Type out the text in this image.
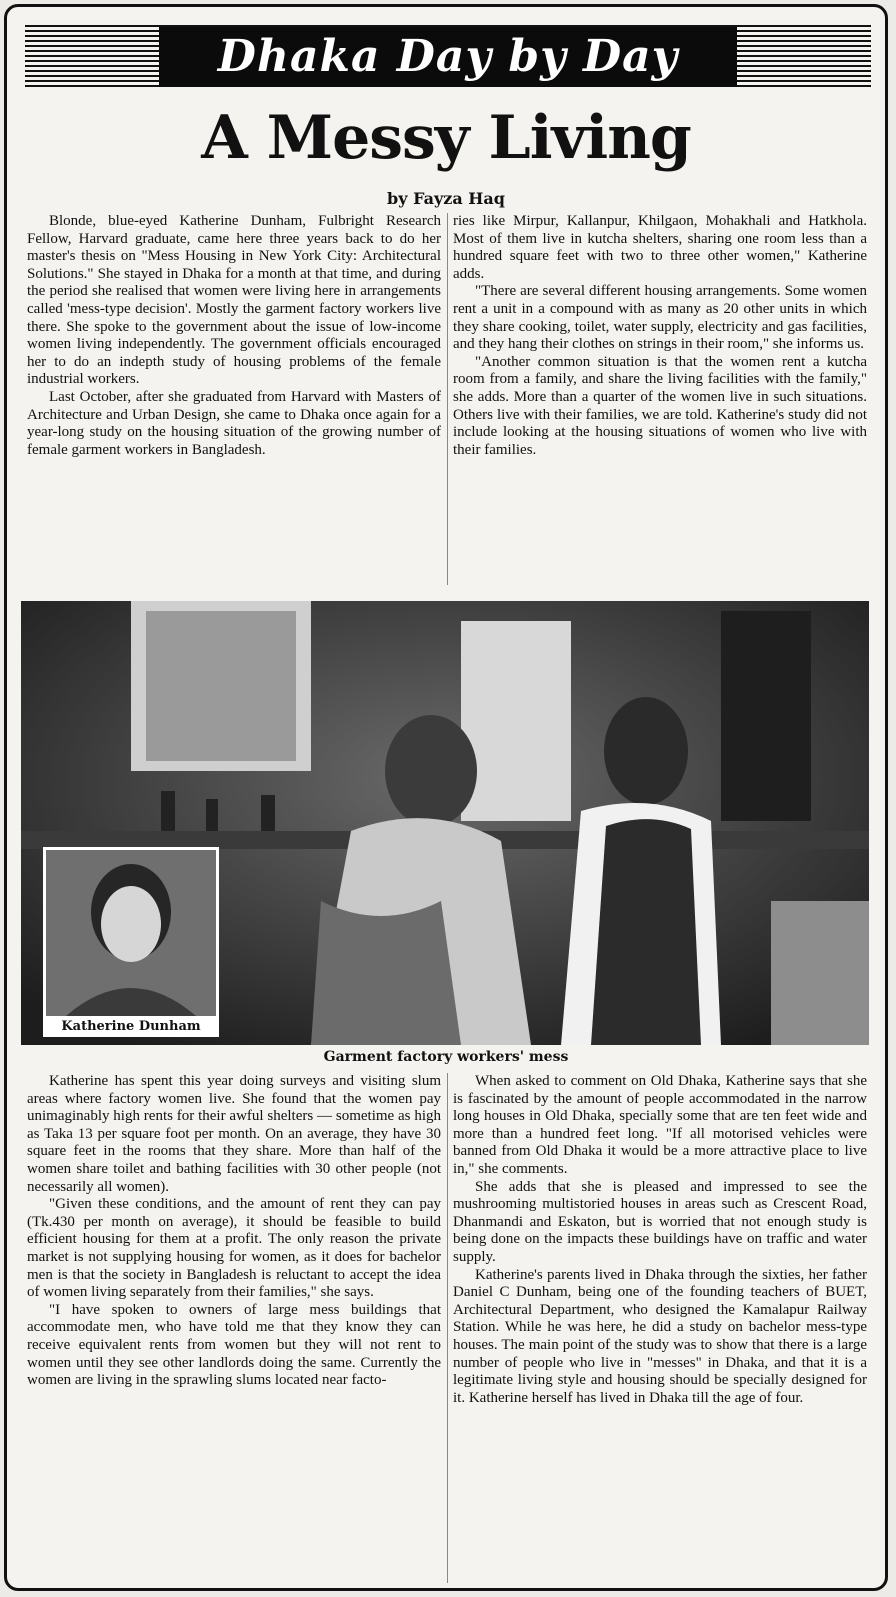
Dhaka Day by Day
A Messy Living
by Fayza Haq

Blonde, blue-eyed Katherine Dunham, Fulbright Research Fellow, Harvard graduate, came here three years back to do her master's thesis on "Mess Housing in New York City: Architectural Solutions." She stayed in Dhaka for a month at that time, and during the period she realised that women were living here in arrangements called 'mess-type decision'. Mostly the garment factory workers live there. She spoke to the government about the issue of low-income women living independently. The government officials encouraged her to do an indepth study of housing problems of the female industrial workers.

Last October, after she graduated from Harvard with Masters of Architecture and Urban Design, she came to Dhaka once again for a year-long study on the housing situation of the growing number of female garment workers in Bangladesh.

ries like Mirpur, Kallanpur, Khilgaon, Mohakhali and Hatkhola. Most of them live in kutcha shelters, sharing one room less than a hundred square feet with two to three other women," Katherine adds.

"There are several different housing arrangements. Some women rent a unit in a compound with as many as 20 other units in which they share cooking, toilet, water supply, electricity and gas facilities, and they hang their clothes on strings in their room," she informs us.

"Another common situation is that the women rent a kutcha room from a family, and share the living facilities with the family," she adds. More than a quarter of the women live in such situations. Others live with their families, we are told. Katherine's study did not include looking at the housing situations of women who live with their families.

Katherine Dunham
Garment factory workers' mess

Katherine has spent this year doing surveys and visiting slum areas where factory women live. She found that the women pay unimaginably high rents for their awful shelters — sometime as high as Taka 13 per square foot per month. On an average, they have 30 square feet in the rooms that they share. More than half of the women share toilet and bathing facilities with 30 other people (not necessarily all women).

"Given these conditions, and the amount of rent they can pay (Tk.430 per month on average), it should be feasible to build efficient housing for them at a profit. The only reason the private market is not supplying housing for women, as it does for bachelor men is that the society in Bangladesh is reluctant to accept the idea of women living separately from their families," she says.

"I have spoken to owners of large mess buildings that accommodate men, who have told me that they know they can receive equivalent rents from women but they will not rent to women until they see other landlords doing the same. Currently the women are living in the sprawling slums located near facto-

When asked to comment on Old Dhaka, Katherine says that she is fascinated by the amount of people accommodated in the narrow long houses in Old Dhaka, specially some that are ten feet wide and more than a hundred feet long. "If all motorised vehicles were banned from Old Dhaka it would be a more attractive place to live in," she comments.

She adds that she is pleased and impressed to see the mushrooming multistoried houses in areas such as Crescent Road, Dhanmandi and Eskaton, but is worried that not enough study is being done on the impacts these buildings have on traffic and water supply.

Katherine's parents lived in Dhaka through the sixties, her father Daniel C Dunham, being one of the founding teachers of BUET, Architectural Department, who designed the Kamalapur Railway Station. While he was here, he did a study on bachelor mess-type houses. The main point of the study was to show that there is a large number of people who live in "messes" in Dhaka, and that it is a legitimate living style and housing should be specially designed for it. Katherine herself has lived in Dhaka till the age of four.
